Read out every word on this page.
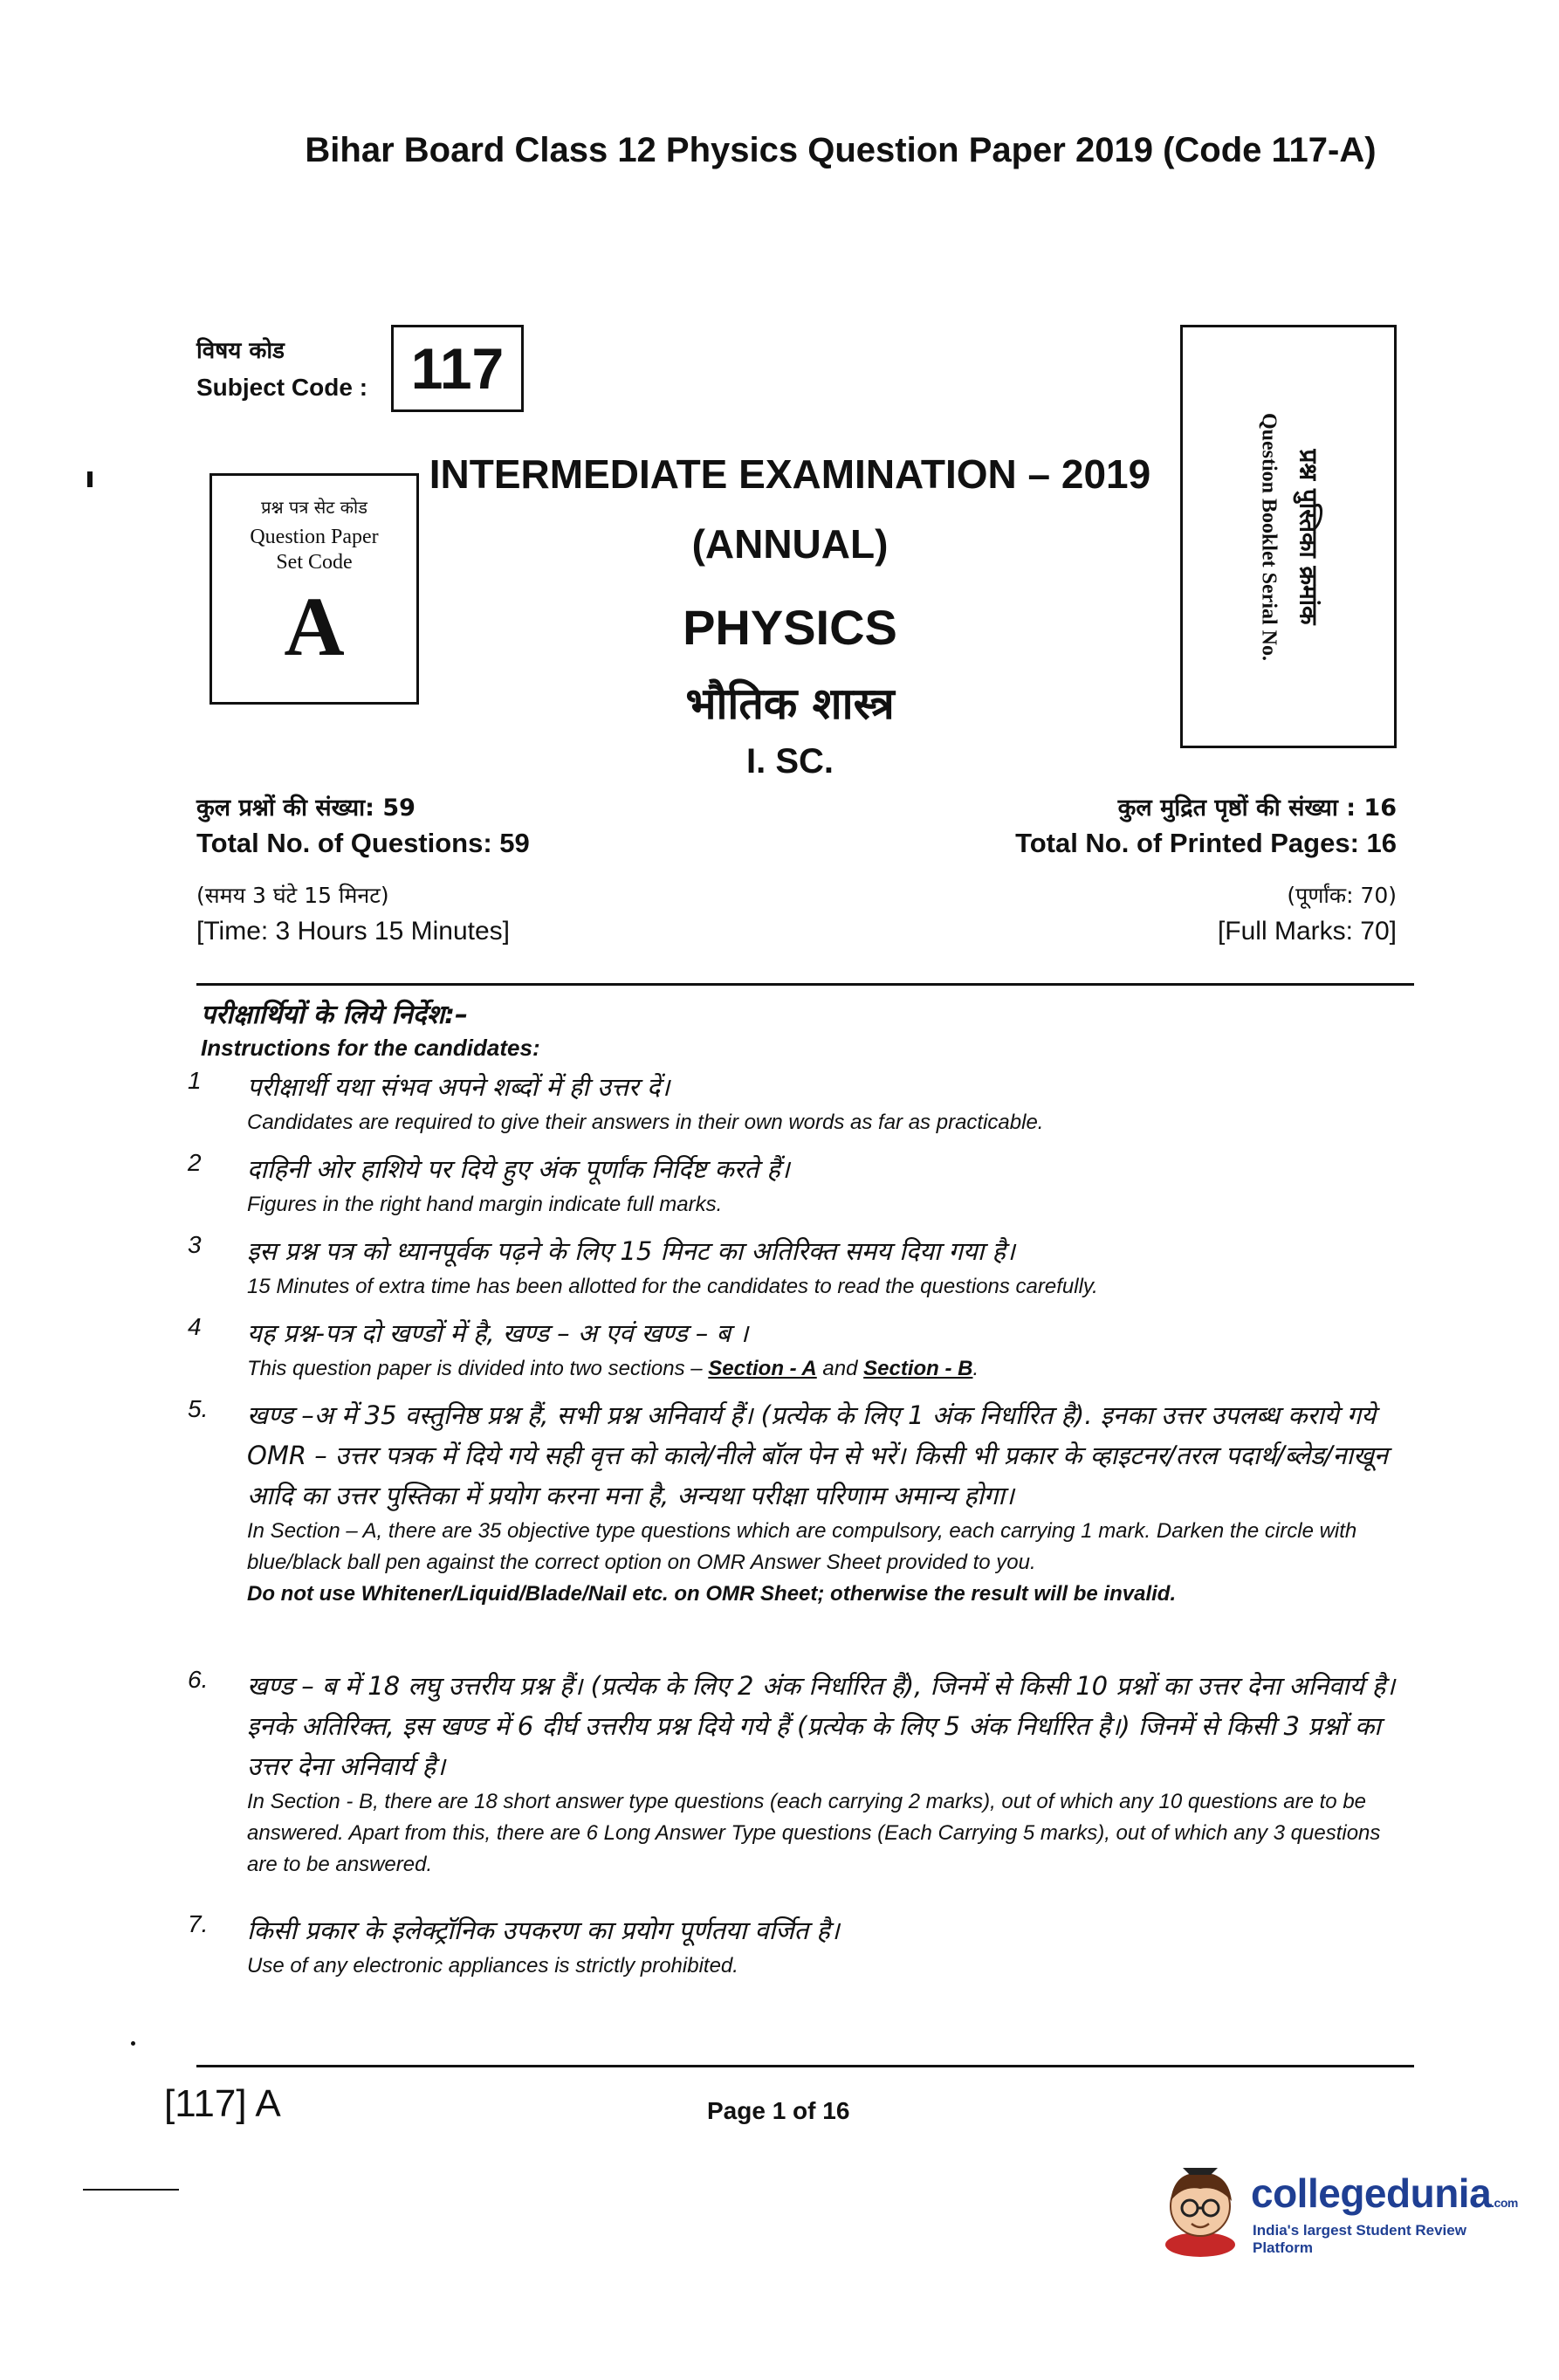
Bihar Board Class 12 Physics Question Paper 2019 (Code 117-A)
विषय कोड
Subject Code : 117
प्रश्न पत्र सेट कोड
Question Paper
Set Code
A
INTERMEDIATE EXAMINATION – 2019
(ANNUAL)
PHYSICS
भौतिक शास्त्र
I. SC.
प्रश्न पुस्तिका क्रमांक
Question Booklet Serial No.
कुल प्रश्नों की संख्या: 59
Total No. of Questions: 59
(समय 3 घंटे 15 मिनट)
[Time: 3 Hours 15 Minutes]
कुल मुद्रित पृष्ठों की संख्या : 16
Total No. of Printed Pages: 16
(पूर्णांक: 70)
[Full Marks: 70]
परीक्षार्थियों के लिये निर्देश:–
Instructions for the candidates:
1	परीक्षार्थी यथा संभव अपने शब्दों में ही उत्तर दें।
Candidates are required to give their answers in their own words as far as practicable.
2	दाहिनी ओर हाशिये पर दिये हुए अंक पूर्णांक निर्दिष्ट करते हैं।
Figures in the right hand margin indicate full marks.
3	इस प्रश्न पत्र को ध्यानपूर्वक पढ़ने के लिए 15 मिनट का अतिरिक्त समय दिया गया है।
15 Minutes of extra time has been allotted for the candidates to read the questions carefully.
4	यह प्रश्न-पत्र दो खण्डों में है, खण्ड – अ एवं खण्ड – ब ।
This question paper is divided into two sections – Section - A and Section - B.
5.	खण्ड –अ में 35 वस्तुनिष्ठ प्रश्न हैं, सभी प्रश्न अनिवार्य हैं। (प्रत्येक के लिए 1 अंक निर्धारित है). इनका उत्तर उपलब्ध कराये गये OMR – उत्तर पत्रक में दिये गये सही वृत्त को काले/नीले बॉल पेन से भरें। किसी भी प्रकार के व्हाइटनर/तरल पदार्थ/ब्लेड/नाखून आदि का उत्तर पुस्तिका में प्रयोग करना मना है, अन्यथा परीक्षा परिणाम अमान्य होगा।
In Section – A, there are 35 objective type questions which are compulsory, each carrying 1 mark. Darken the circle with blue/black ball pen against the correct option on OMR Answer Sheet provided to you.
Do not use Whitener/Liquid/Blade/Nail etc. on OMR Sheet; otherwise the result will be invalid.
6.	खण्ड – ब में 18 लघु उत्तरीय प्रश्न हैं। (प्रत्येक के लिए 2 अंक निर्धारित हैं), जिनमें से किसी 10 प्रश्नों का उत्तर देना अनिवार्य है। इनके अतिरिक्त, इस खण्ड में 6 दीर्घ उत्तरीय प्रश्न दिये गये हैं (प्रत्येक के लिए 5 अंक निर्धारित है।) जिनमें से किसी 3 प्रश्नों का उत्तर देना अनिवार्य है।
In Section - B, there are 18 short answer type questions (each carrying 2 marks), out of which any 10 questions are to be answered. Apart from this, there are 6 Long Answer Type questions (Each Carrying 5 marks), out of which any 3 questions are to be answered.
7.	किसी प्रकार के इलेक्ट्रॉनिक उपकरण का प्रयोग पूर्णतया वर्जित है।
Use of any electronic appliances is strictly prohibited.
[117] A	Page 1 of 16
collegedunia.com
India's largest Student Review Platform
